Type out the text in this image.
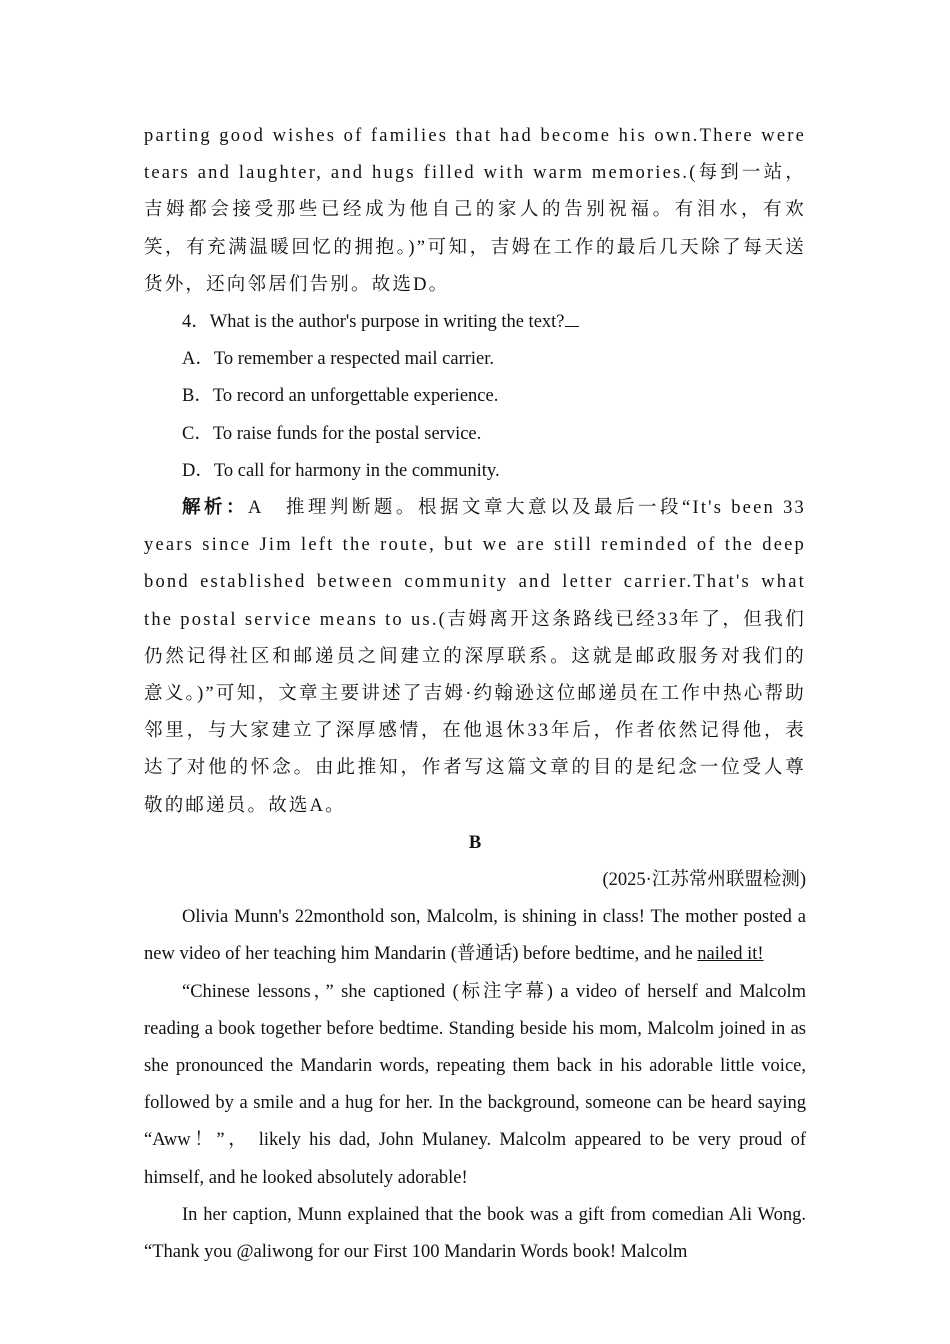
parting good wishes of families that had become his own.There were tears and laughter, and hugs filled with warm memories.(每到一站，吉姆都会接受那些已经成为他自己的家人的告别祝福。有泪水，有欢笑，有充满温暖回忆的拥抱。)”可知，吉姆在工作的最后几天除了每天送货外，还向邻居们告别。故选D。

4．What is the author's purpose in writing the text?

A．To remember a respected mail carrier.

B．To record an unforgettable experience.

C．To raise funds for the postal service.

D．To call for harmony in the community.

解析：A　推理判断题。根据文章大意以及最后一段“It's been 33 years since Jim left the route, but we are still reminded of the deep bond established between community and letter carrier.That's what the postal service means to us.(吉姆离开这条路线已经33年了，但我们仍然记得社区和邮递员之间建立的深厚联系。这就是邮政服务对我们的意义。)”可知，文章主要讲述了吉姆·约翰逊这位邮递员在工作中热心帮助邻里，与大家建立了深厚感情，在他退休33年后，作者依然记得他，表达了对他的怀念。由此推知，作者写这篇文章的目的是纪念一位受人尊敬的邮递员。故选A。

B

(2025·江苏常州联盟检测)

Olivia Munn's 22monthold son, Malcolm, is shining in class! The mother posted a new video of her teaching him Mandarin (普通话) before bedtime, and he nailed it!

“Chinese lessons，” she captioned (标注字幕) a video of herself and Malcolm reading a book together before bedtime. Standing beside his mom, Malcolm joined in as she pronounced the Mandarin words, repeating them back in his adorable little voice, followed by a smile and a hug for her. In the background, someone can be heard saying “Aww！”， likely his dad, John Mulaney. Malcolm appeared to be very proud of himself, and he looked absolutely adorable!

In her caption, Munn explained that the book was a gift from comedian Ali Wong. “Thank you @aliwong for our First 100 Mandarin Words book! Malcolm
